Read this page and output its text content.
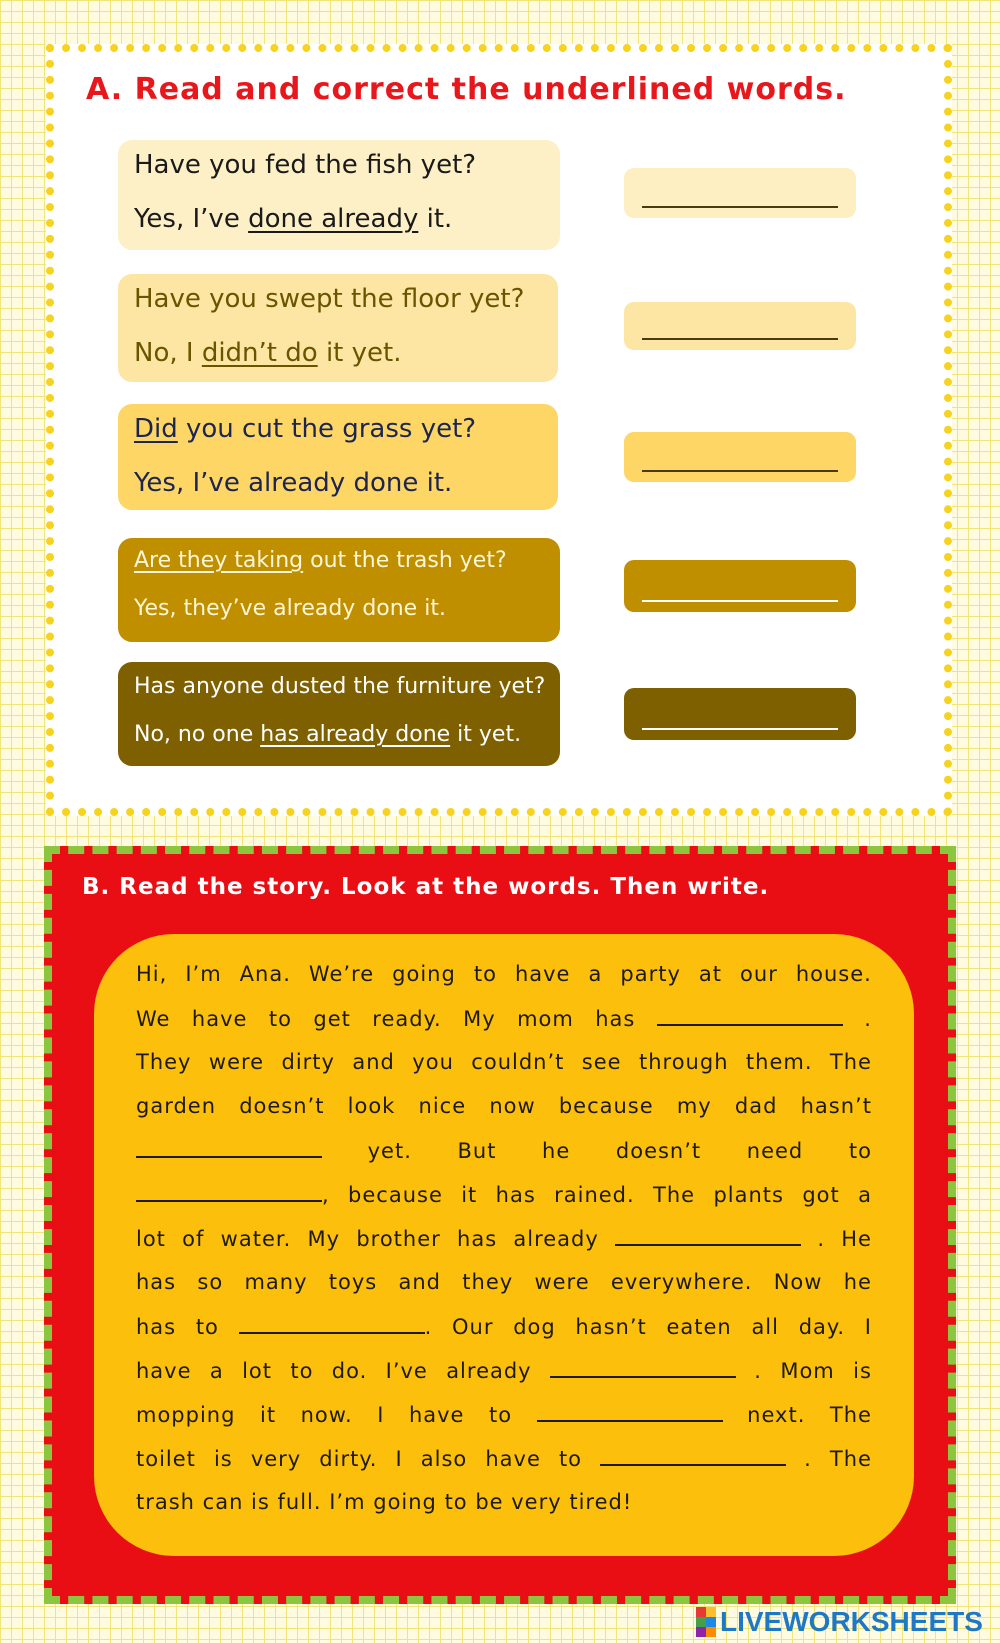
A. Read and correct the underlined words.
Have you fed the fish yet?
Yes, I’ve done already it.
Have you swept the floor yet?
No, I didn’t do it yet.
Did you cut the grass yet?
Yes, I’ve already done it.
Are they taking out the trash yet?
Yes, they’ve already done it.
Has anyone dusted the furniture yet?
No, no one has already done it yet.
B. Read the story. Look at the words. Then write.
Hi, I’m Ana. We’re going to have a party at our house.
We have to get ready. My mom has	.
They were dirty and you couldn’t see through them. The
garden doesn’t look nice now because my dad hasn’t
yet. But he doesn’t need to
, because it has rained. The plants got a
lot of water. My brother has already	. He
has so many toys and they were everywhere. Now he
has to	. Our dog hasn’t eaten all day. I
have a lot to do. I’ve already	. Mom is
mopping it now. I have to	next. The
toilet is very dirty. I also have to	. The
trash can is full. I’m going to be very tired!
LIVEWORKSHEETS
